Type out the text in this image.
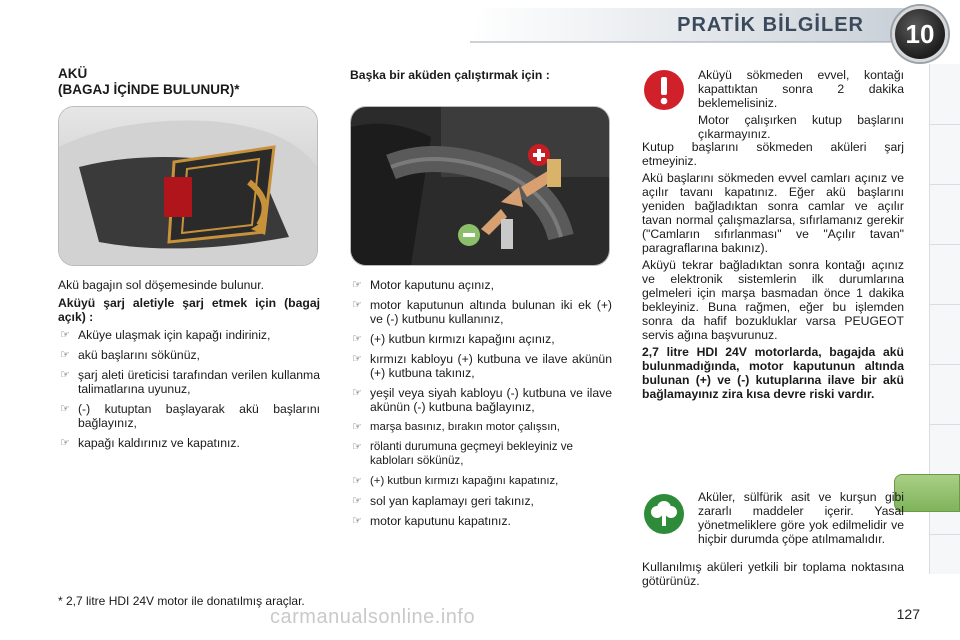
PRATİK BİLGİLER	10
AKÜ
(BAGAJ İÇİNDE BULUNUR)*

Akü bagajın sol döşemesinde bulunur.

Aküyü şarj aletiyle şarj etmek için (bagaj açık) :

☞ Aküye ulaşmak için kapağı indiriniz,
☞ akü başlarını sökünüz,
☞ şarj aleti üreticisi tarafından verilen kullanma talimatlarına uyunuz,
☞ (-) kutuptan başlayarak akü başlarını bağlayınız,
☞ kapağı kaldırınız ve kapatınız.
* 2,7 litre HDI 24V motor ile donatılmış araçlar.
Başka bir aküden çalıştırmak için :
☞ Motor kaputunu açınız,
☞ motor kaputunun altında bulunan iki ek (+) ve (-) kutbunu kullanınız,
☞ (+) kutbun kırmızı kapağını açınız,
☞ kırmızı kabloyu (+) kutbuna ve ilave akünün (+) kutbuna takınız,
☞ yeşil veya siyah kabloyu (-) kutbuna ve ilave akünün (-) kutbuna bağlayınız,
☞ marşa basınız, bırakın motor çalışsın,
☞ rölanti durumuna geçmeyi bekleyiniz ve kabloları sökünüz,
☞ (+) kutbun kırmızı kapağını kapatınız,
☞ sol yan kaplamayı geri takınız,
☞ motor kaputunu kapatınız.

Aküyü sökmeden evvel, kontağı kapattıktan sonra 2 dakika beklemelisiniz.

Motor çalışırken kutup başlarını çıkarmayınız.

Kutup başlarını sökmeden aküleri şarj etmeyiniz.

Akü başlarını sökmeden evvel camları açınız ve açılır tavanı kapatınız. Eğer akü başlarını yeniden bağladıktan sonra camlar ve açılır tavan normal çalışmazlarsa, sıfırlamanız gerekir ("Camların sıfırlanması" ve "Açılır tavan" paragraflarına bakınız).

Aküyü tekrar bağladıktan sonra kontağı açınız ve elektronik sistemlerin ilk durumlarına gelmeleri için marşa basmadan önce 1 dakika bekleyiniz. Buna rağmen, eğer bu işlemden sonra da hafif bozukluklar varsa PEUGEOT servis ağına başvurunuz.

2,7 litre HDI 24V motorlarda, bagajda akü bulunmadığında, motor kaputunun altında bulunan (+) ve (-) kutuplarına ilave bir akü bağlamayınız zira kısa devre riski vardır.

Aküler, sülfürik asit ve kurşun gibi zararlı maddeler içerir. Yasal yönetmeliklere göre yok edilmelidir ve hiçbir durumda çöpe atılmamalıdır.
Kullanılmış aküleri yetkili bir toplama noktasına götürünüz.
carmanualsonline.info	127
